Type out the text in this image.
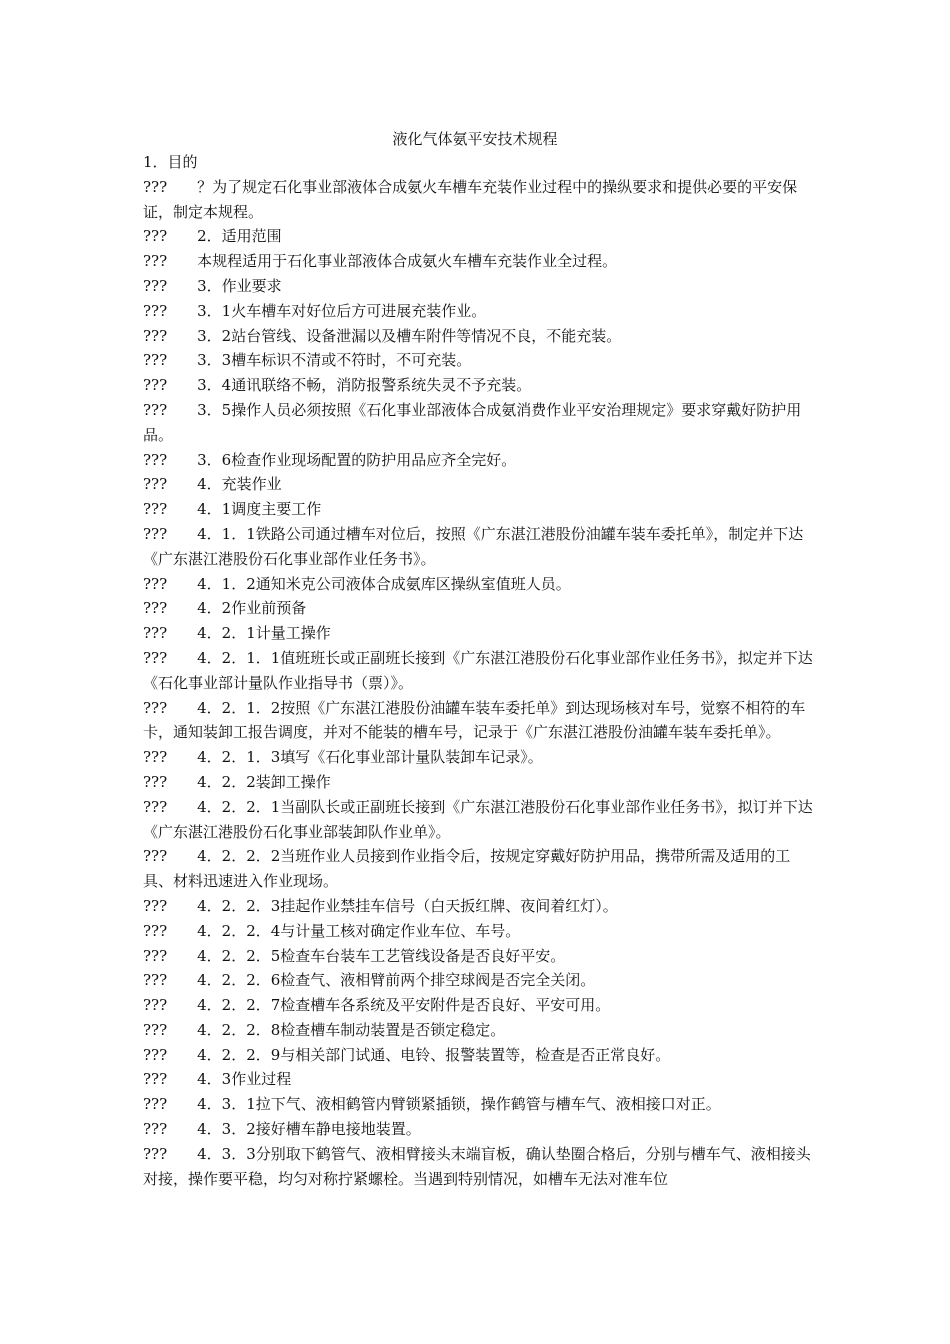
液化气体氨平安技术规程

1．目的

???　　？为了规定石化事业部液体合成氨火车槽车充装作业过程中的操纵要求和提供必要的平安保证，制定本规程。

???　　2．适用范围

???　　本规程适用于石化事业部液体合成氨火车槽车充装作业全过程。

???　　3．作业要求

???　　3．1火车槽车对好位后方可进展充装作业。

???　　3．2站台管线、设备泄漏以及槽车附件等情况不良，不能充装。

???　　3．3槽车标识不清或不符时，不可充装。

???　　3．4通讯联络不畅，消防报警系统失灵不予充装。

???　　3．5操作人员必须按照《石化事业部液体合成氨消费作业平安治理规定》要求穿戴好防护用品。

???　　3．6检查作业现场配置的防护用品应齐全完好。

???　　4．充装作业

???　　4．1调度主要工作

???　　4．1．1铁路公司通过槽车对位后，按照《广东湛江港股份油罐车装车委托单》，制定并下达《广东湛江港股份石化事业部作业任务书》。

???　　4．1．2通知米克公司液体合成氨库区操纵室值班人员。

???　　4．2作业前预备

???　　4．2．1计量工操作

???　　4．2．1．1值班班长或正副班长接到《广东湛江港股份石化事业部作业任务书》，拟定并下达《石化事业部计量队作业指导书（票）》。

???　　4．2．1．2按照《广东湛江港股份油罐车装车委托单》到达现场核对车号，觉察不相符的车卡，通知装卸工报告调度，并对不能装的槽车号，记录于《广东湛江港股份油罐车装车委托单》。

???　　4．2．1．3填写《石化事业部计量队装卸车记录》。

???　　4．2．2装卸工操作

???　　4．2．2．1当副队长或正副班长接到《广东湛江港股份石化事业部作业任务书》，拟订并下达《广东湛江港股份石化事业部装卸队作业单》。

???　　4．2．2．2当班作业人员接到作业指令后，按规定穿戴好防护用品，携带所需及适用的工具、材料迅速进入作业现场。

???　　4．2．2．3挂起作业禁挂车信号（白天扳红牌、夜间着红灯）。

???　　4．2．2．4与计量工核对确定作业车位、车号。

???　　4．2．2．5检查车台装车工艺管线设备是否良好平安。

???　　4．2．2．6检查气、液相臂前两个排空球阀是否完全关闭。

???　　4．2．2．7检查槽车各系统及平安附件是否良好、平安可用。

???　　4．2．2．8检查槽车制动装置是否锁定稳定。

???　　4．2．2．9与相关部门试通、电铃、报警装置等，检查是否正常良好。

???　　4．3作业过程

???　　4．3．1拉下气、液相鹤管内臂锁紧插锁，操作鹤管与槽车气、液相接口对正。

???　　4．3．2接好槽车静电接地装置。

???　　4．3．3分别取下鹤管气、液相臂接头末端盲板，确认垫圈合格后，分别与槽车气、液相接头对接，操作要平稳，均匀对称拧紧螺栓。当遇到特别情况，如槽车无法对准车位
